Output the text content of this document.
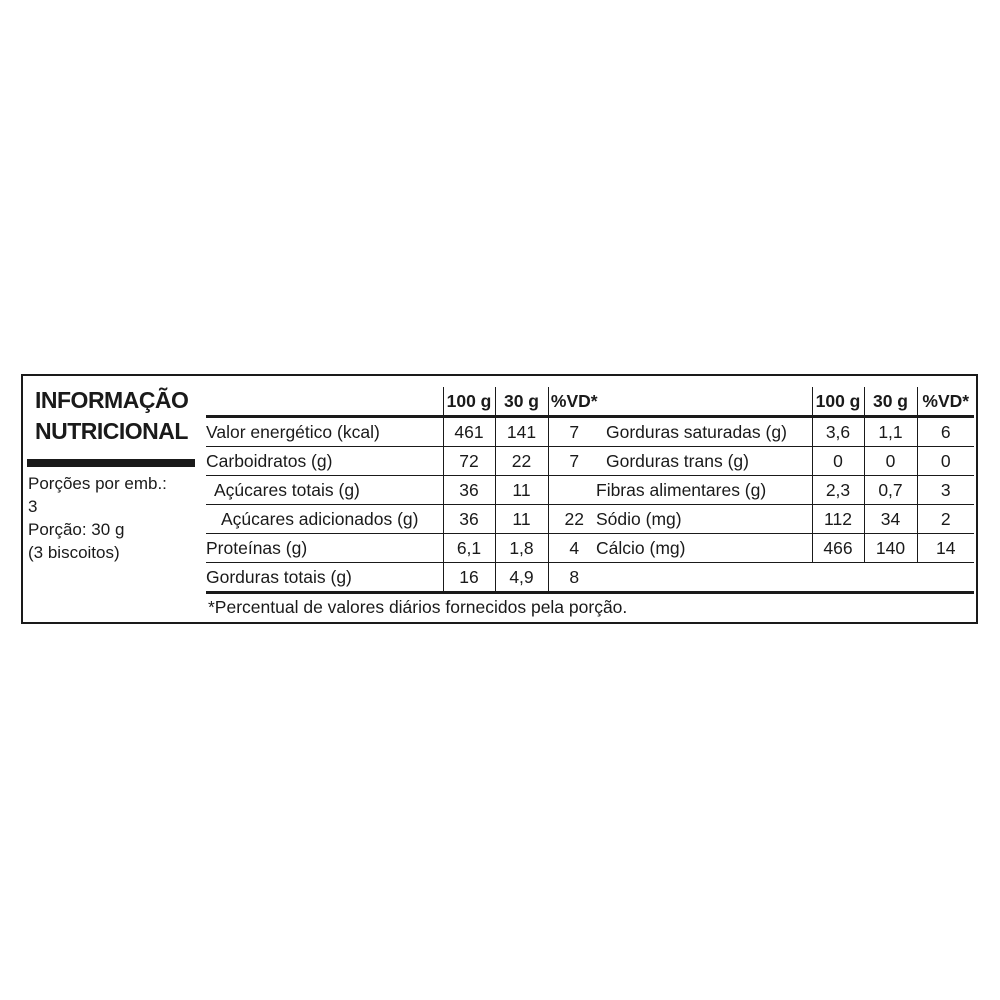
INFORMAÇÃO
NUTRICIONAL
Porções por emb.:
3
Porção: 30 g
(3 biscoitos)
	100 g	30 g	%VD*
Valor energético (kcal)	461	141	7
Carboidratos (g)	72	22	7
Açúcares totais (g)	36	11	
Açúcares adicionados (g)	36	11	22
Proteínas (g)	6,1	1,8	4
Gorduras totais (g)	16	4,9	8
	100 g	30 g	%VD*
Gorduras saturadas (g)	3,6	1,1	6
Gorduras trans (g)	0	0	0
Fibras alimentares (g)	2,3	0,7	3
Sódio (mg)	112	34	2
Cálcio (mg)	466	140	14

*Percentual de valores diários fornecidos pela porção.
